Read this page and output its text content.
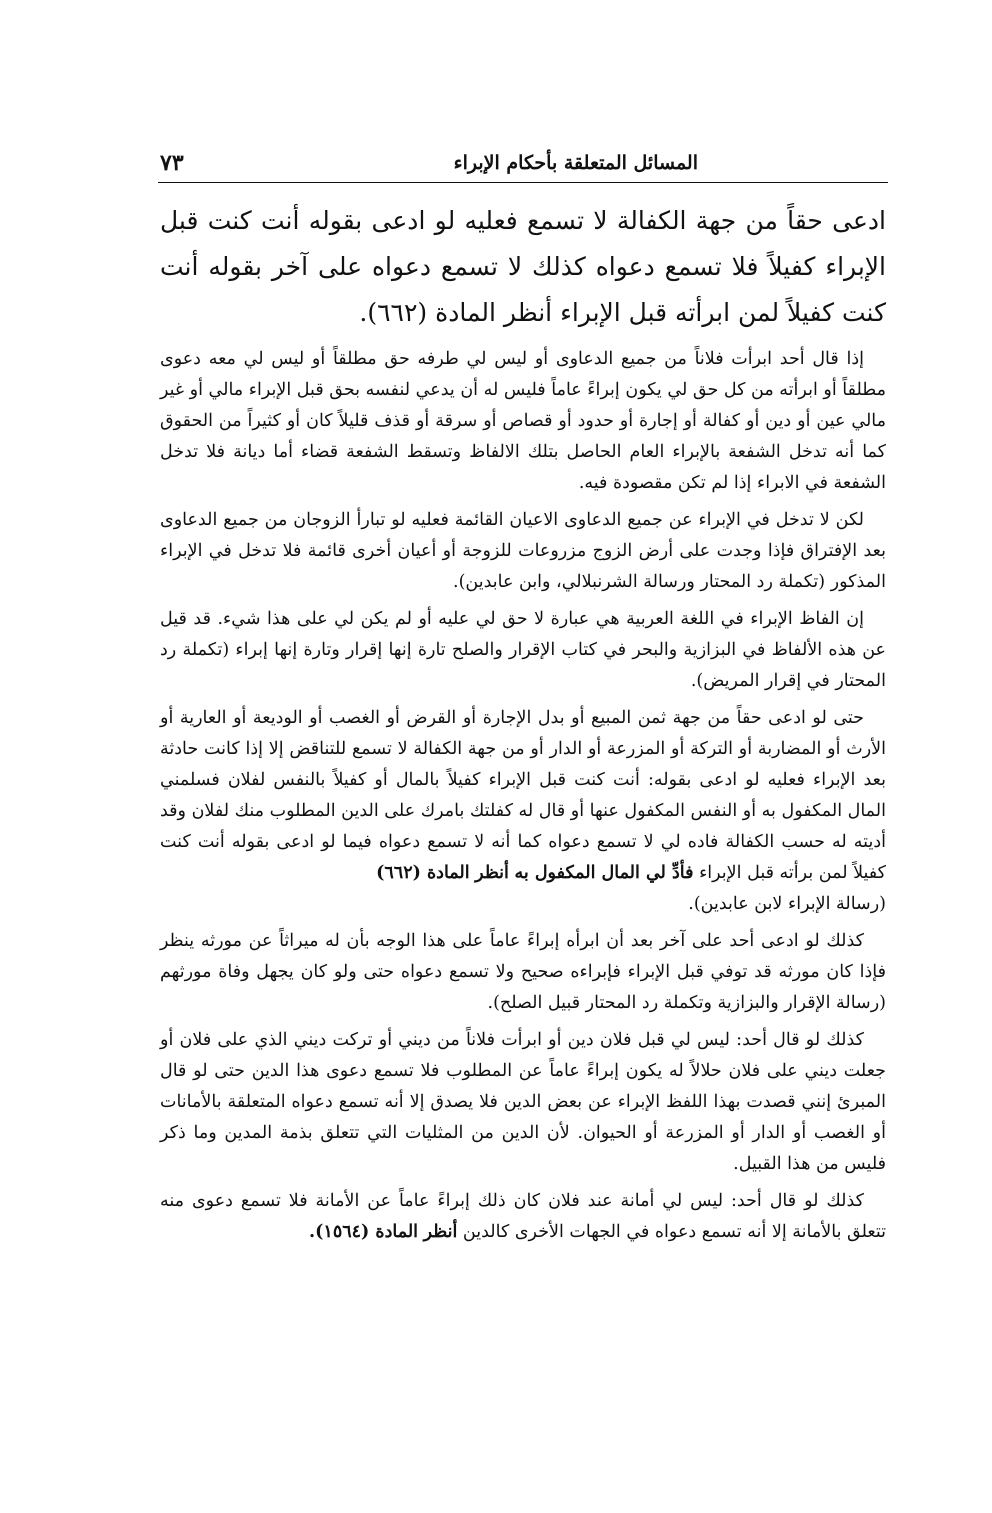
المسائل المتعلقة بأحكام الإبراء
٧٣

ادعى حقاً من جهة الكفالة لا تسمع فعليه لو ادعى بقوله أنت كنت قبل الإبراء كفيلاً فلا تسمع دعواه كذلك لا تسمع دعواه على آخر بقوله أنت كنت كفيلاً لمن ابرأته قبل الإبراء أنظر المادة (٦٦٢).

إذا قال أحد ابرأت فلاناً من جميع الدعاوى أو ليس لي طرفه حق مطلقاً أو ليس لي معه دعوى مطلقاً أو ابرأته من كل حق لي يكون إبراءً عاماً فليس له أن يدعي لنفسه بحق قبل الإبراء مالي أو غير مالي عين أو دين أو كفالة أو إجارة أو حدود أو قصاص أو سرقة أو قذف قليلاً كان أو كثيراً من الحقوق كما أنه تدخل الشفعة بالإبراء العام الحاصل بتلك الالفاظ وتسقط الشفعة قضاء أما ديانة فلا تدخل الشفعة في الابراء إذا لم تكن مقصودة فيه.

لكن لا تدخل في الإبراء عن جميع الدعاوى الاعيان القائمة فعليه لو تبارأ الزوجان من جميع الدعاوى بعد الإفتراق فإذا وجدت على أرض الزوج مزروعات للزوجة أو أعيان أخرى قائمة فلا تدخل في الإبراء المذكور (تكملة رد المحتار ورسالة الشرنبلالي، وابن عابدين).

إن الفاظ الإبراء في اللغة العربية هي عبارة لا حق لي عليه أو لم يكن لي على هذا شيء. قد قيل عن هذه الألفاظ في البزازية والبحر في كتاب الإقرار والصلح تارة إنها إقرار وتارة إنها إبراء (تكملة رد المحتار في إقرار المريض).

حتى لو ادعى حقاً من جهة ثمن المبيع أو بدل الإجارة أو القرض أو الغصب أو الوديعة أو العارية أو الأرث أو المضاربة أو التركة أو المزرعة أو الدار أو من جهة الكفالة لا تسمع للتناقض إلا إذا كانت حادثة بعد الإبراء فعليه لو ادعى بقوله: أنت كنت قبل الإبراء كفيلاً بالمال أو كفيلاً بالنفس لفلان فسلمني المال المكفول به أو النفس المكفول عنها أو قال له كفلتك بامرك على الدين المطلوب منك لفلان وقد أديته له حسب الكفالة فاده لي لا تسمع دعواه كما أنه لا تسمع دعواه فيما لو ادعى بقوله أنت كنت كفيلاً لمن برأته قبل الإبراء فأدِّ لي المال المكفول به أنظر المادة (٦٦٢)
(رسالة الإبراء لابن عابدين).

كذلك لو ادعى أحد على آخر بعد أن ابرأه إبراءً عاماً على هذا الوجه بأن له ميراثاً عن مورثه ينظر فإذا كان مورثه قد توفي قبل الإبراء فإبراءه صحيح ولا تسمع دعواه حتى ولو كان يجهل وفاة مورثهم (رسالة الإقرار والبزازية وتكملة رد المحتار قبيل الصلح).

كذلك لو قال أحد: ليس لي قبل فلان دين أو ابرأت فلاناً من ديني أو تركت ديني الذي على فلان أو جعلت ديني على فلان حلالاً له يكون إبراءً عاماً عن المطلوب فلا تسمع دعوى هذا الدين حتى لو قال المبرئ إنني قصدت بهذا اللفظ الإبراء عن بعض الدين فلا يصدق إلا أنه تسمع دعواه المتعلقة بالأمانات أو الغصب أو الدار أو المزرعة أو الحيوان. لأن الدين من المثليات التي تتعلق بذمة المدين وما ذكر فليس من هذا القبيل.

كذلك لو قال أحد: ليس لي أمانة عند فلان كان ذلك إبراءً عاماً عن الأمانة فلا تسمع دعوى منه تتعلق بالأمانة إلا أنه تسمع دعواه في الجهات الأخرى كالدين أنظر المادة (١٥٦٤).
